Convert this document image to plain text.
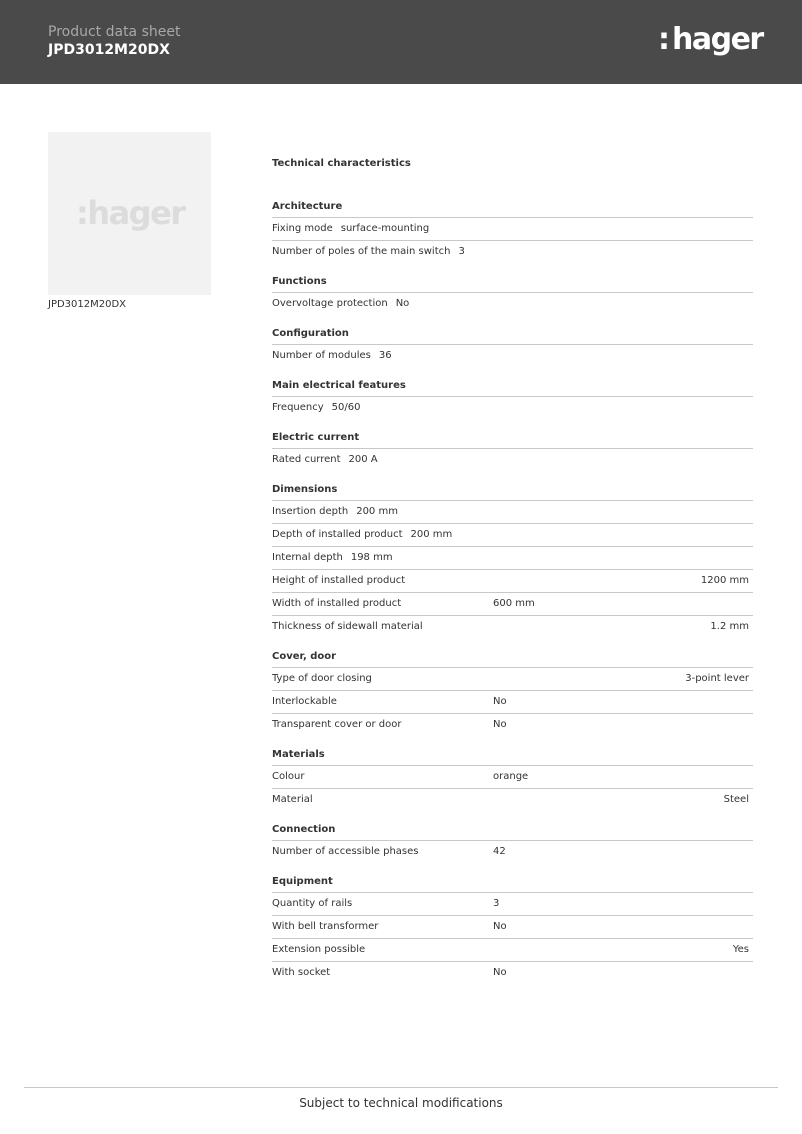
Product data sheet
JPD3012M20DX	:hager
:hager
JPD3012M20DX
Technical characteristics
Architecture
Fixing mode surface-mounting
Number of poles of the main switch 3
Functions
Overvoltage protection No
Configuration
Number of modules 36
Main electrical features
Frequency 50/60
Electric current
Rated current 200 A
Dimensions
Insertion depth 200 mm
Depth of installed product 200 mm
Internal depth 198 mm
Height of installed product	1200 mm
Width of installed product	600 mm
Thickness of sidewall material	1.2 mm
Cover, door
Type of door closing	3-point lever
Interlockable	No
Transparent cover or door	No
Materials
Colour	orange
Material	Steel
Connection
Number of accessible phases	42
Equipment
Quantity of rails	3
With bell transformer	No
Extension possible	Yes
With socket	No
Subject to technical modifications
